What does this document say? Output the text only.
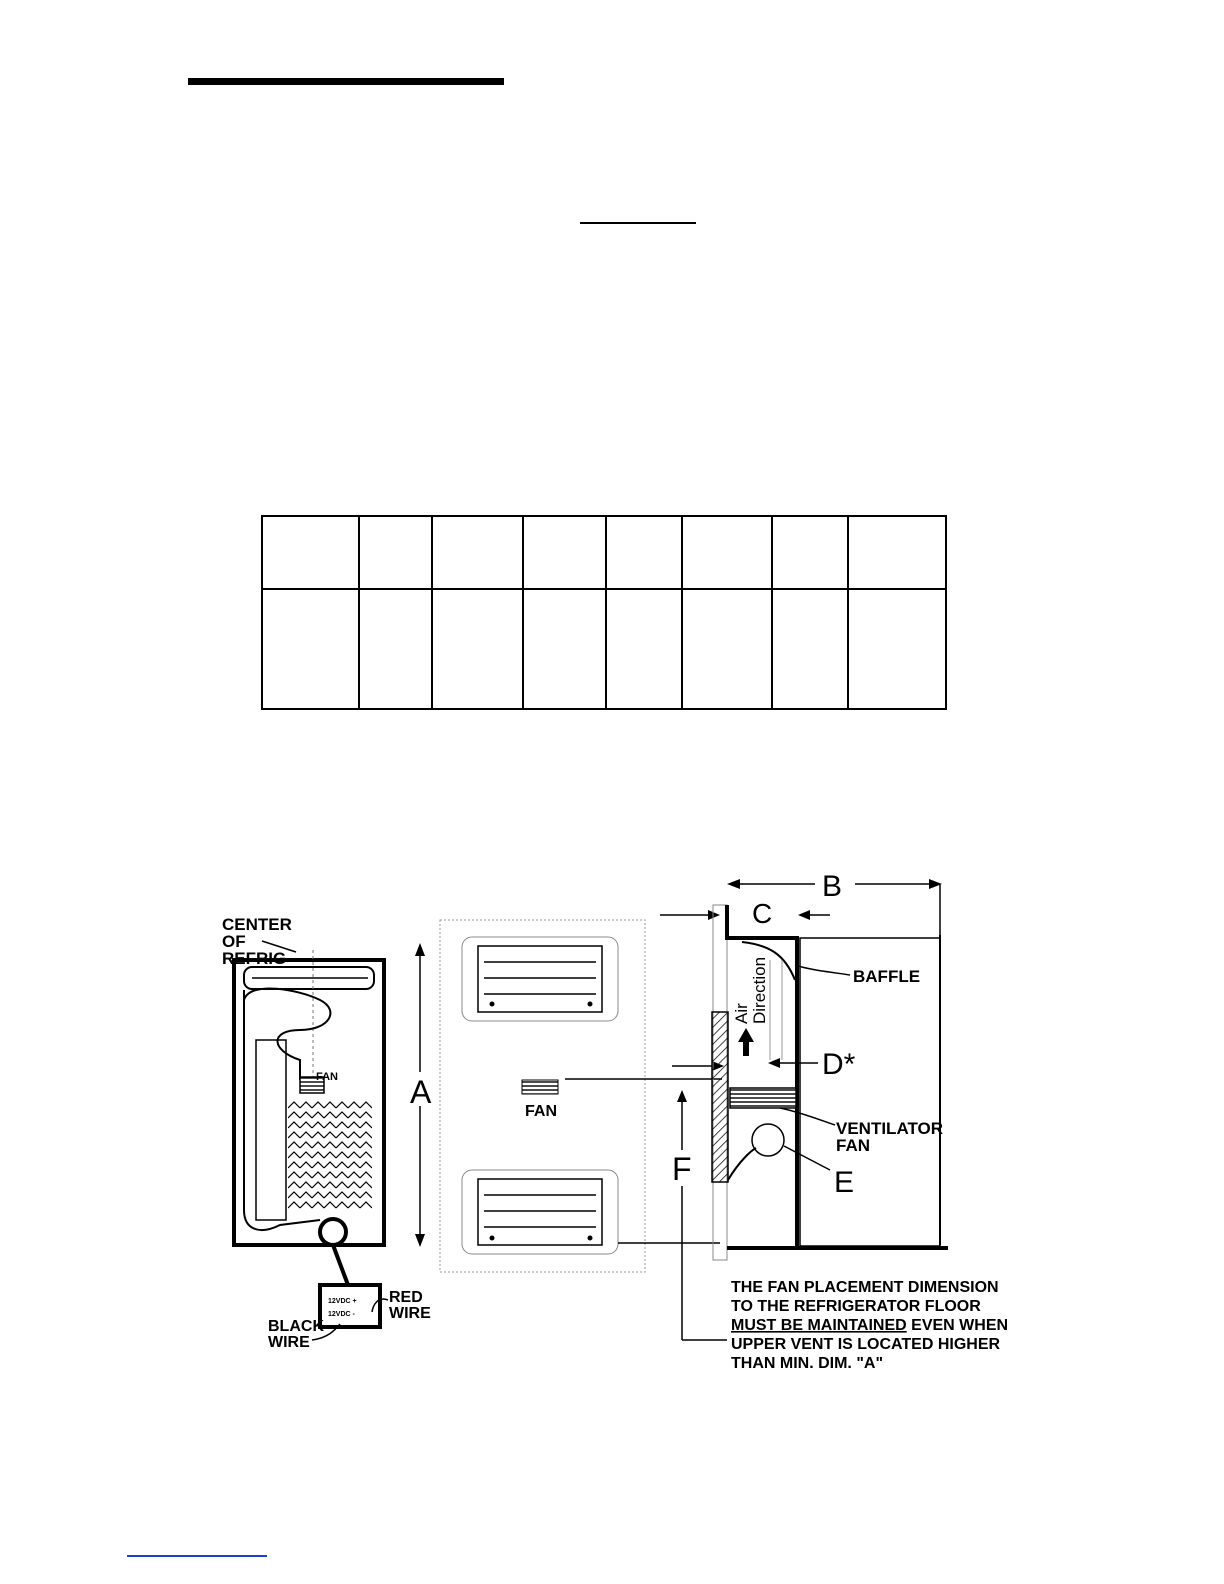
CENTER
OF
REFRIG
FAN
12VDC +
12VDC -
RED
WIRE
BLACK
WIRE
A
FAN
F
B
C
BAFFLE
Air Direction
D*
VENTILATOR
FAN
E
THE FAN PLACEMENT DIMENSION
TO THE REFRIGERATOR FLOOR
MUST BE MAINTAINED EVEN WHEN
UPPER VENT IS LOCATED HIGHER
THAN MIN. DIM. "A"
